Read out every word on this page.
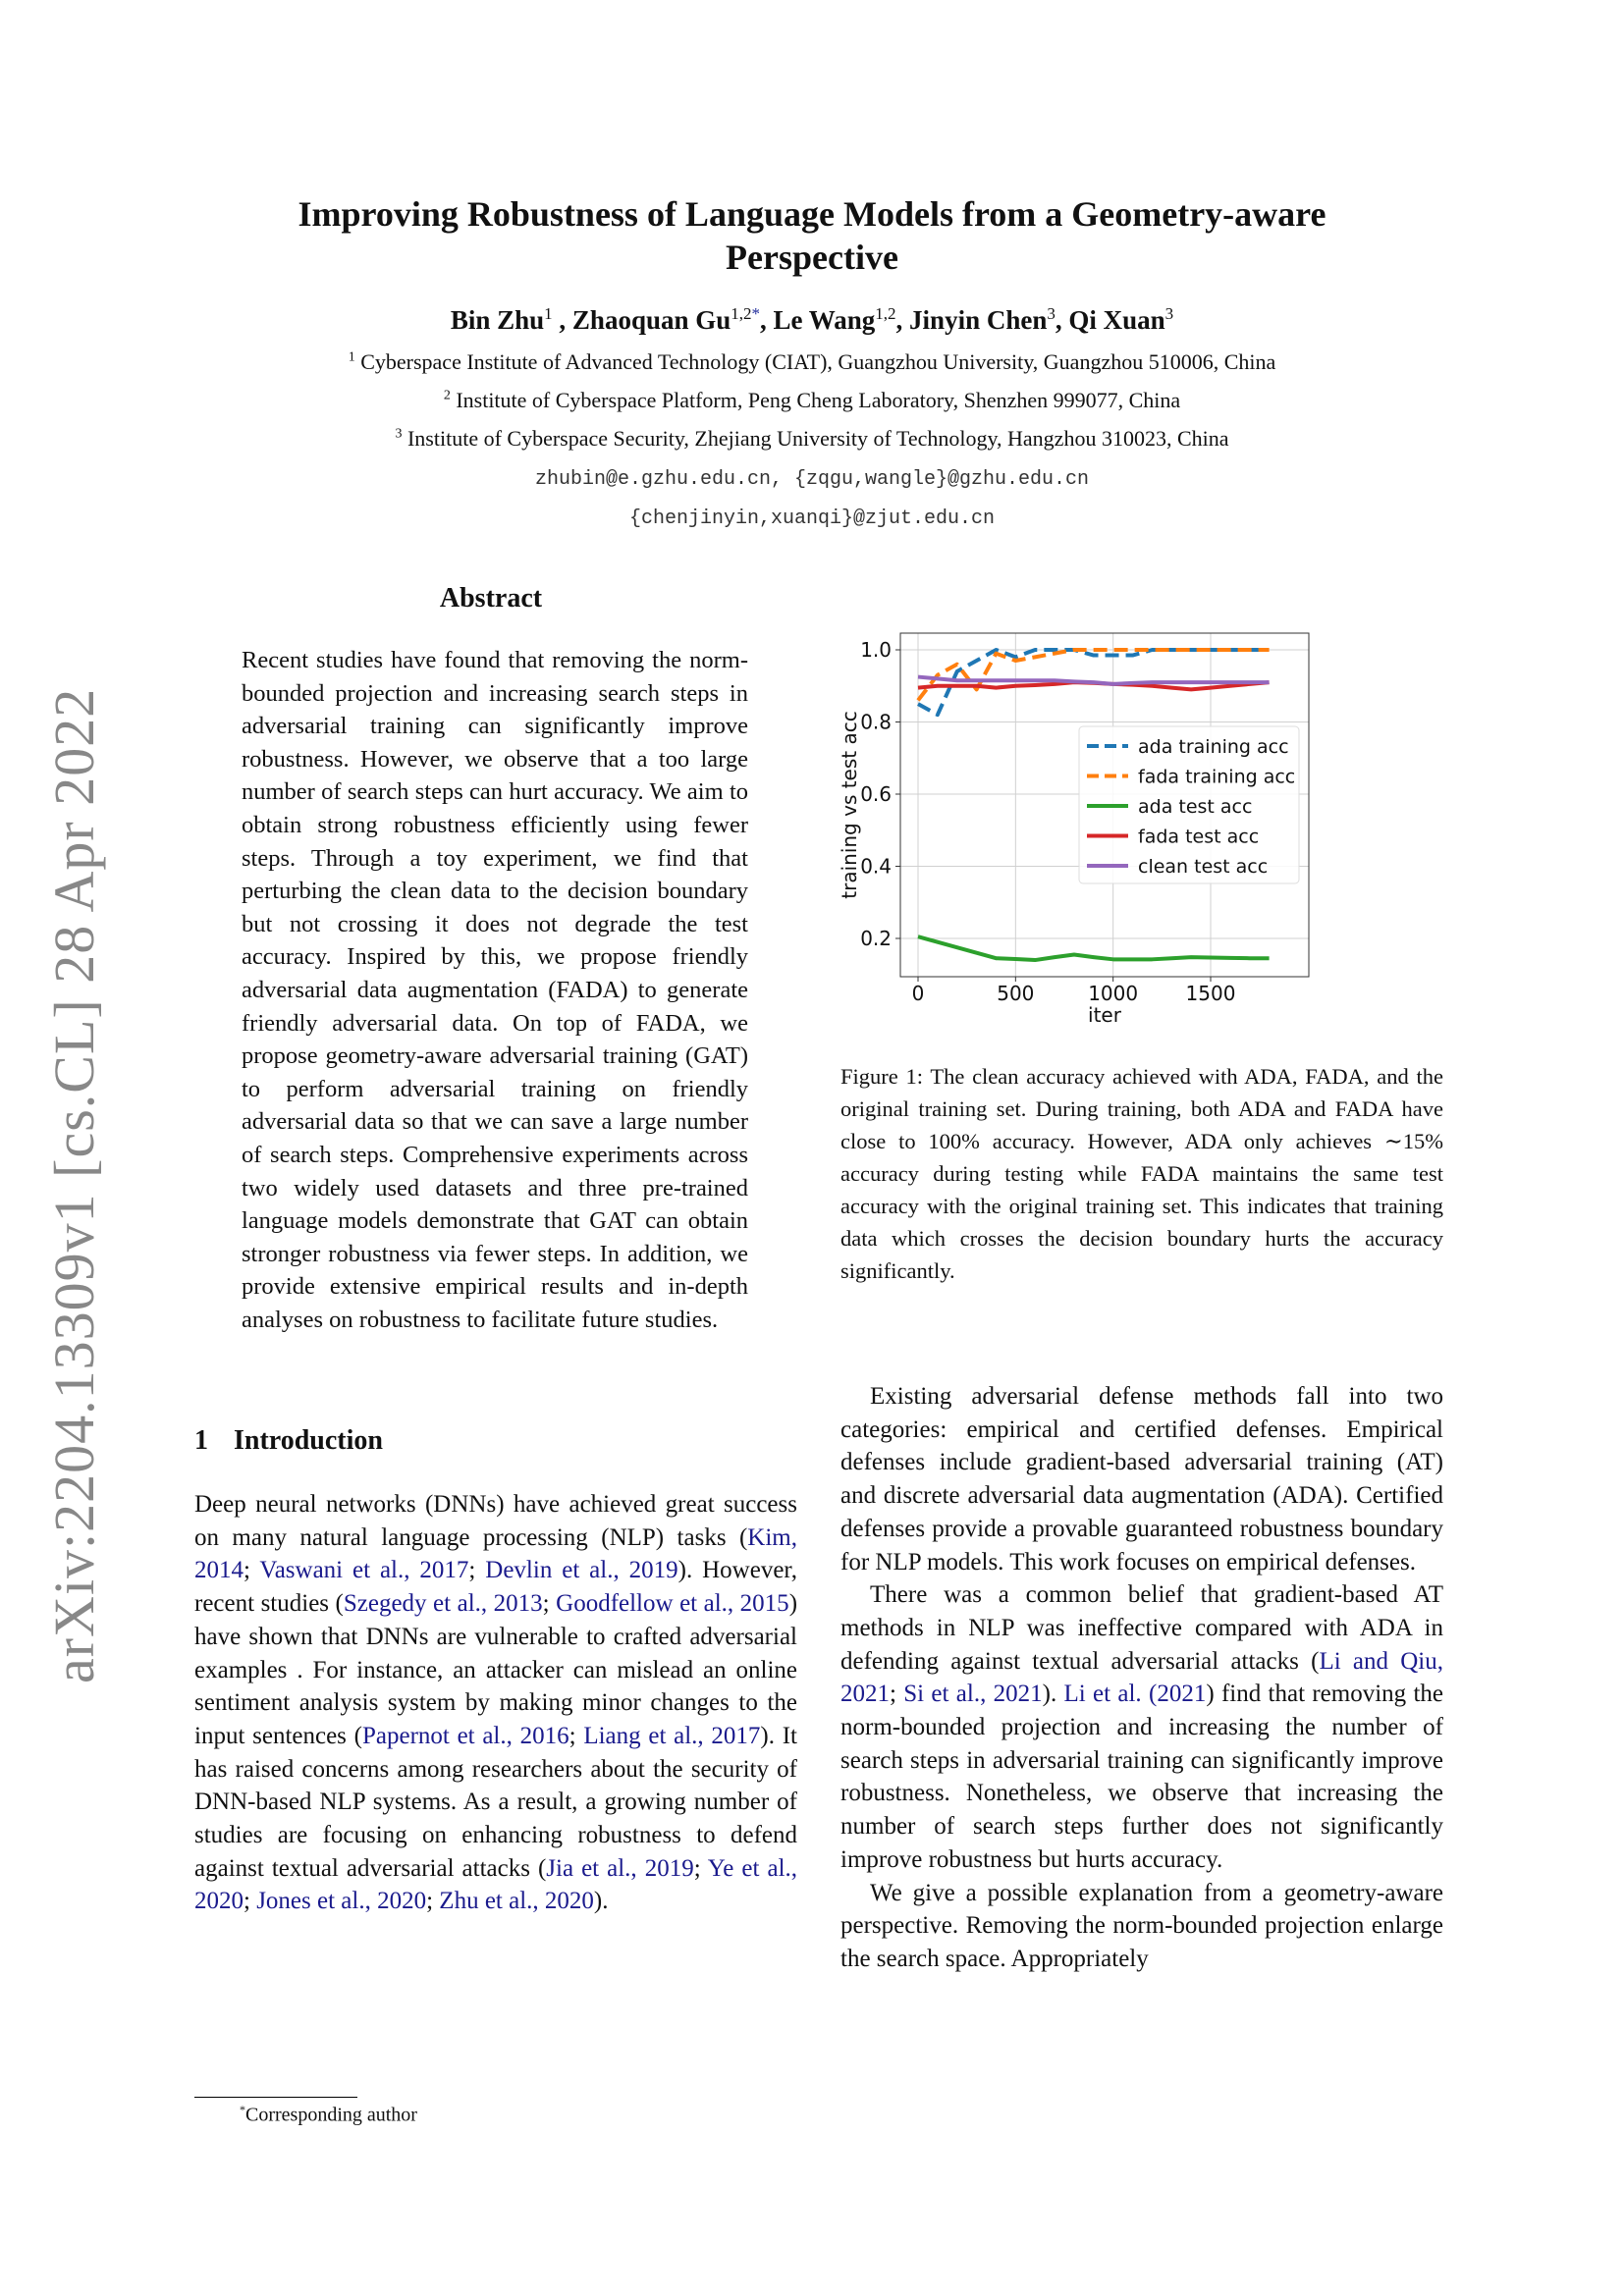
arXiv:2204.13309v1 [cs.CL] 28 Apr 2022
Improving Robustness of Language Models from a Geometry-aware
Perspective
Bin Zhu$^1$ , Zhaoquan $Gu^{1,2*}$, Le Wang$^{1,2}$, Jinyin Chen$^3$, Qi Xuan$^3$
$^1$ Cyberspace Institute of Advanced Technology (CIAT), Guangzhou University, Guangzhou 510006, China
$^2$ Institute of Cyberspace Platform, Peng Cheng Laboratory, Shenzhen 999077, China
$^3$ Institute of Cyberspace Security, Zhejiang University of Technology, Hangzhou 310023, China
zhubin@e.gzhu.edu.cn, {zqgu,wangle}@gzhu.edu.cn
{chenjinyin,xuanqi}@zjut.edu.cn
Abstract
Recent studies have found that removing the norm-bounded projection and increasing search steps in adversarial training can significantly improve robustness. However, we observe that a too large number of search steps can hurt accuracy. We aim to obtain strong robustness efficiently using fewer steps. Through a toy experiment, we find that perturbing the clean data to the decision boundary but not crossing it does not degrade the test accuracy. Inspired by this, we propose friendly adversarial data augmentation (FADA) to generate friendly adversarial data. On top of FADA, we propose geometry-aware adversarial training (GAT) to perform adversarial training on friendly adversarial data so that we can save a large number of search steps. Comprehensive experiments across two widely used datasets and three pre-trained language models demonstrate that GAT can obtain stronger robustness via fewer steps. In addition, we provide extensive empirical results and in-depth analyses on robustness to facilitate future studies.
1 Introduction
Deep neural networks (DNNs) have achieved great success on many natural language processing (NLP) tasks (Kim, 2014; Vaswani et al., 2017; Devlin et al., 2019). However, recent studies (Szegedy et al., 2013; Goodfellow et al., 2015) have shown that DNNs are vulnerable to crafted adversarial examples . For instance, an attacker can mislead an online sentiment analysis system by making minor changes to the input sentences (Papernot et al., 2016; Liang et al., 2017). It has raised concerns among researchers about the security of DNN-based NLP systems. As a result, a growing number of studies are focusing on enhancing robustness to defend against textual adversarial attacks (Jia et al., 2019; Ye et al., 2020; Jones et al., 2020; Zhu et al., 2020).
*Corresponding author
0	500	1000 1500
0.2
0.4
0.6
0.8
1.0
iter
training vs test acc	ada training acc
fada training acc
ada test acc
fada test acc
clean test acc
Figure 1: The clean accuracy achieved with ADA, FADA, and the original training set. During training, both ADA and FADA have close to 100% accuracy. However, ADA only achieves ∼15% accuracy during testing while FADA maintains the same test accuracy with the original training set. This indicates that training data which crosses the decision boundary hurts the accuracy significantly.

Existing adversarial defense methods fall into two categories: empirical and certified defenses. Empirical defenses include gradient-based adversarial training (AT) and discrete adversarial data augmentation (ADA). Certified defenses provide a provable guaranteed robustness boundary for NLP models. This work focuses on empirical defenses.

There was a common belief that gradient-based AT methods in NLP was ineffective compared with ADA in defending against textual adversarial attacks (Li and Qiu, 2021; Si et al., 2021). Li et al. (2021) find that removing the norm-bounded projection and increasing the number of search steps in adversarial training can significantly improve robustness. Nonetheless, we observe that increasing the number of search steps further does not significantly improve robustness but hurts accuracy.

We give a possible explanation from a geometry-aware perspective. Removing the norm-bounded projection enlarge the search space. Appropriately
